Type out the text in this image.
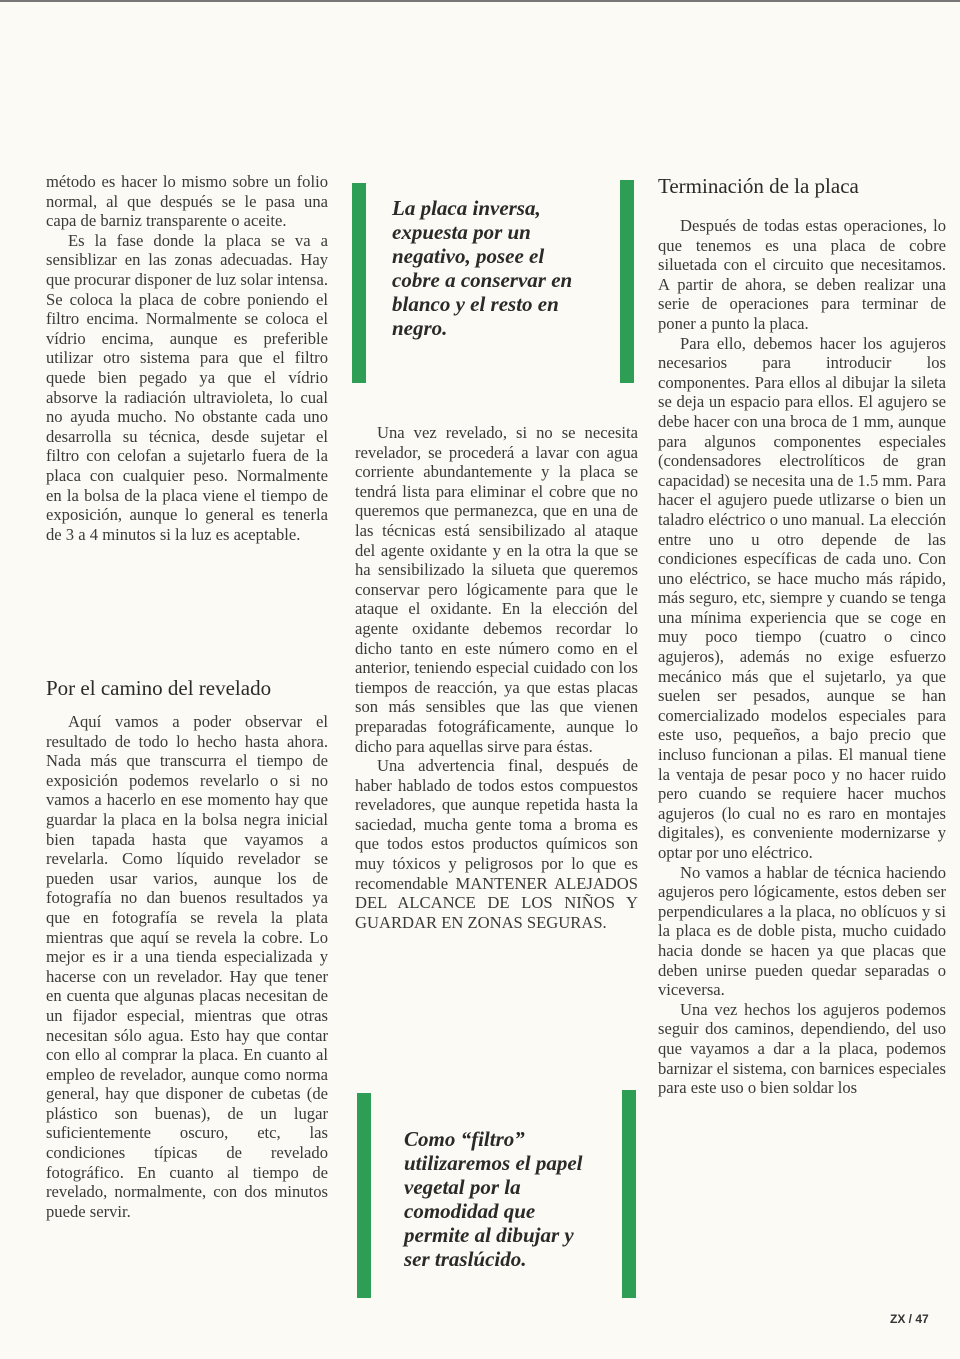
método es hacer lo mismo sobre un folio normal, al que después se le pasa una capa de barniz transparente o aceite.

Es la fase donde la placa se va a sensiblizar en las zonas adecuadas. Hay que procurar disponer de luz solar intensa. Se coloca la placa de cobre poniendo el filtro encima. Normalmente se coloca el vídrio encima, aunque es preferible utilizar otro sistema para que el filtro quede bien pegado ya que el vídrio absorve la radiación ultravioleta, lo cual no ayuda mucho. No obstante cada uno desarrolla su técnica, desde sujetar el filtro con celofan a sujetarlo fuera de la placa con cualquier peso. Normalmente en la bolsa de la placa viene el tiempo de exposición, aunque lo general es tenerla de 3 a 4 minutos si la luz es aceptable.

Por el camino del revelado

Aquí vamos a poder observar el resultado de todo lo hecho hasta ahora. Nada más que transcurra el tiempo de exposición podemos revelarlo o si no vamos a hacerlo en ese momento hay que guardar la placa en la bolsa negra inicial bien tapada hasta que vayamos a revelarla. Como líquido revelador se pueden usar varios, aunque los de fotografía no dan buenos resultados ya que en fotografía se revela la plata mientras que aquí se revela la cobre. Lo mejor es ir a una tienda especializada y hacerse con un revelador. Hay que tener en cuenta que algunas placas necesitan de un fijador especial, mientras que otras necesitan sólo agua. Esto hay que contar con ello al comprar la placa. En cuanto al empleo de revelador, aunque como norma general, hay que disponer de cubetas (de plástico son buenas), de un lugar suficientemente oscuro, etc, las condiciones típicas de revelado fotográfico. En cuanto al tiempo de revelado, normalmente, con dos minutos puede servir.

La placa inversa, expuesta por un negativo, posee el cobre a conservar en blanco y el resto en negro.

Una vez revelado, si no se necesita revelador, se procederá a lavar con agua corriente abundantemente y la placa se tendrá lista para eliminar el cobre que no queremos que permanezca, que en una de las técnicas está sensibilizado al ataque del agente oxidante y en la otra la que se ha sensibilizado la silueta que queremos conservar pero lógicamente para que le ataque el oxidante. En la elección del agente oxidante debemos recordar lo dicho tanto en este número como en el anterior, teniendo especial cuidado con los tiempos de reacción, ya que estas placas son más sensibles que las que vienen preparadas fotográficamente, aunque lo dicho para aquellas sirve para éstas.

Una advertencia final, después de haber hablado de todos estos compuestos reveladores, que aunque repetida hasta la saciedad, mucha gente toma a broma es que todos estos productos químicos son muy tóxicos y peligrosos por lo que es recomendable MANTENER ALEJADOS DEL ALCANCE DE LOS NIÑOS Y GUARDAR EN ZONAS SEGURAS.

Como “filtro” utilizaremos el papel vegetal por la comodidad que permite al dibujar y ser traslúcido.
Terminación de la placa

Después de todas estas operaciones, lo que tenemos es una placa de cobre siluetada con el circuito que necesitamos. A partir de ahora, se deben realizar una serie de operaciones para terminar de poner a punto la placa.

Para ello, debemos hacer los agujeros necesarios para introducir los componentes. Para ellos al dibujar la sileta se deja un espacio para ellos. El agujero se debe hacer con una broca de 1 mm, aunque para algunos componentes especiales (condensadores electrolíticos de gran capacidad) se necesita una de 1.5 mm. Para hacer el agujero puede utlizarse o bien un taladro eléctrico o uno manual. La elección entre uno u otro depende de las condiciones específicas de cada uno. Con uno eléctrico, se hace mucho más rápido, más seguro, etc, siempre y cuando se tenga una mínima experiencia que se coge en muy poco tiempo (cuatro o cinco agujeros), además no exige esfuerzo mecánico más que el sujetarlo, ya que suelen ser pesados, aunque se han comercializado modelos especiales para este uso, pequeños, a bajo precio que incluso funcionan a pilas. El manual tiene la ventaja de pesar poco y no hacer ruido pero cuando se requiere hacer muchos agujeros (lo cual no es raro en montajes digitales), es conveniente modernizarse y optar por uno eléctrico.

No vamos a hablar de técnica haciendo agujeros pero lógicamente, estos deben ser perpendiculares a la placa, no oblícuos y si la placa es de doble pista, mucho cuidado hacia donde se hacen ya que placas que deben unirse pueden quedar separadas o viceversa.

Una vez hechos los agujeros podemos seguir dos caminos, dependiendo, del uso que vayamos a dar a la placa, podemos barnizar el sistema, con barnices especiales para este uso o bien soldar los

ZX / 47
